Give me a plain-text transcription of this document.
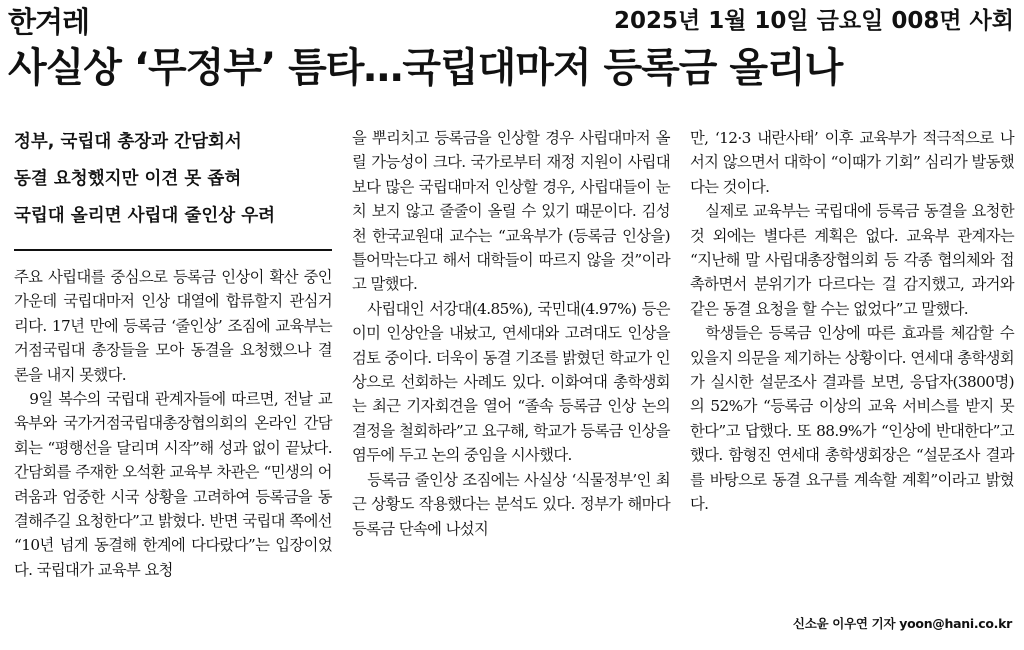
한겨레	2025년 1월 10일 금요일 008면 사회
사실상 ‘무정부’ 틈타…국립대마저 등록금 올리나
정부, 국립대 총장과 간담회서
동결 요청했지만 이견 못 좁혀
국립대 올리면 사립대 줄인상 우려

주요 사립대를 중심으로 등록금 인상이 확산 중인 가운데 국립대마저 인상 대열에 합류할지 관심거리다. 17년 만에 등록금 ‘줄인상’ 조짐에 교육부는 거점국립대 총장들을 모아 동결을 요청했으나 결론을 내지 못했다.

9일 복수의 국립대 관계자들에 따르면, 전날 교육부와 국가거점국립대총장협의회의 온라인 간담회는 “평행선을 달리며 시작”해 성과 없이 끝났다. 간담회를 주재한 오석환 교육부 차관은 “민생의 어려움과 엄중한 시국 상황을 고려하여 등록금을 동결해주길 요청한다”고 밝혔다. 반면 국립대 쪽에선 “10년 넘게 동결해 한계에 다다랐다”는 입장이었다. 국립대가 교육부 요청

을 뿌리치고 등록금을 인상할 경우 사립대마저 올릴 가능성이 크다. 국가로부터 재정 지원이 사립대보다 많은 국립대마저 인상할 경우, 사립대들이 눈치 보지 않고 줄줄이 올릴 수 있기 때문이다. 김성천 한국교원대 교수는 “교육부가 (등록금 인상을) 틀어막는다고 해서 대학들이 따르지 않을 것”이라고 말했다.

사립대인 서강대(4.85%), 국민대(4.97%) 등은 이미 인상안을 내놨고, 연세대와 고려대도 인상을 검토 중이다. 더욱이 동결 기조를 밝혔던 학교가 인상으로 선회하는 사례도 있다. 이화여대 총학생회는 최근 기자회견을 열어 “졸속 등록금 인상 논의 결정을 철회하라”고 요구해, 학교가 등록금 인상을 염두에 두고 논의 중임을 시사했다.

등록금 줄인상 조짐에는 사실상 ‘식물정부’인 최근 상황도 작용했다는 분석도 있다. 정부가 해마다 등록금 단속에 나섰지

만, ‘12·3 내란사태’ 이후 교육부가 적극적으로 나서지 않으면서 대학이 “이때가 기회” 심리가 발동했다는 것이다.

실제로 교육부는 국립대에 등록금 동결을 요청한 것 외에는 별다른 계획은 없다. 교육부 관계자는 “지난해 말 사립대총장협의회 등 각종 협의체와 접촉하면서 분위기가 다르다는 걸 감지했고, 과거와 같은 동결 요청을 할 수는 없었다”고 말했다.

학생들은 등록금 인상에 따른 효과를 체감할 수 있을지 의문을 제기하는 상황이다. 연세대 총학생회가 실시한 설문조사 결과를 보면, 응답자(3800명)의 52%가 “등록금 이상의 교육 서비스를 받지 못한다”고 답했다. 또 88.9%가 “인상에 반대한다”고 했다. 함형진 연세대 총학생회장은 “설문조사 결과를 바탕으로 동결 요구를 계속할 계획”이라고 밝혔다.

신소윤 이우연 기자 yoon@hani.co.kr
